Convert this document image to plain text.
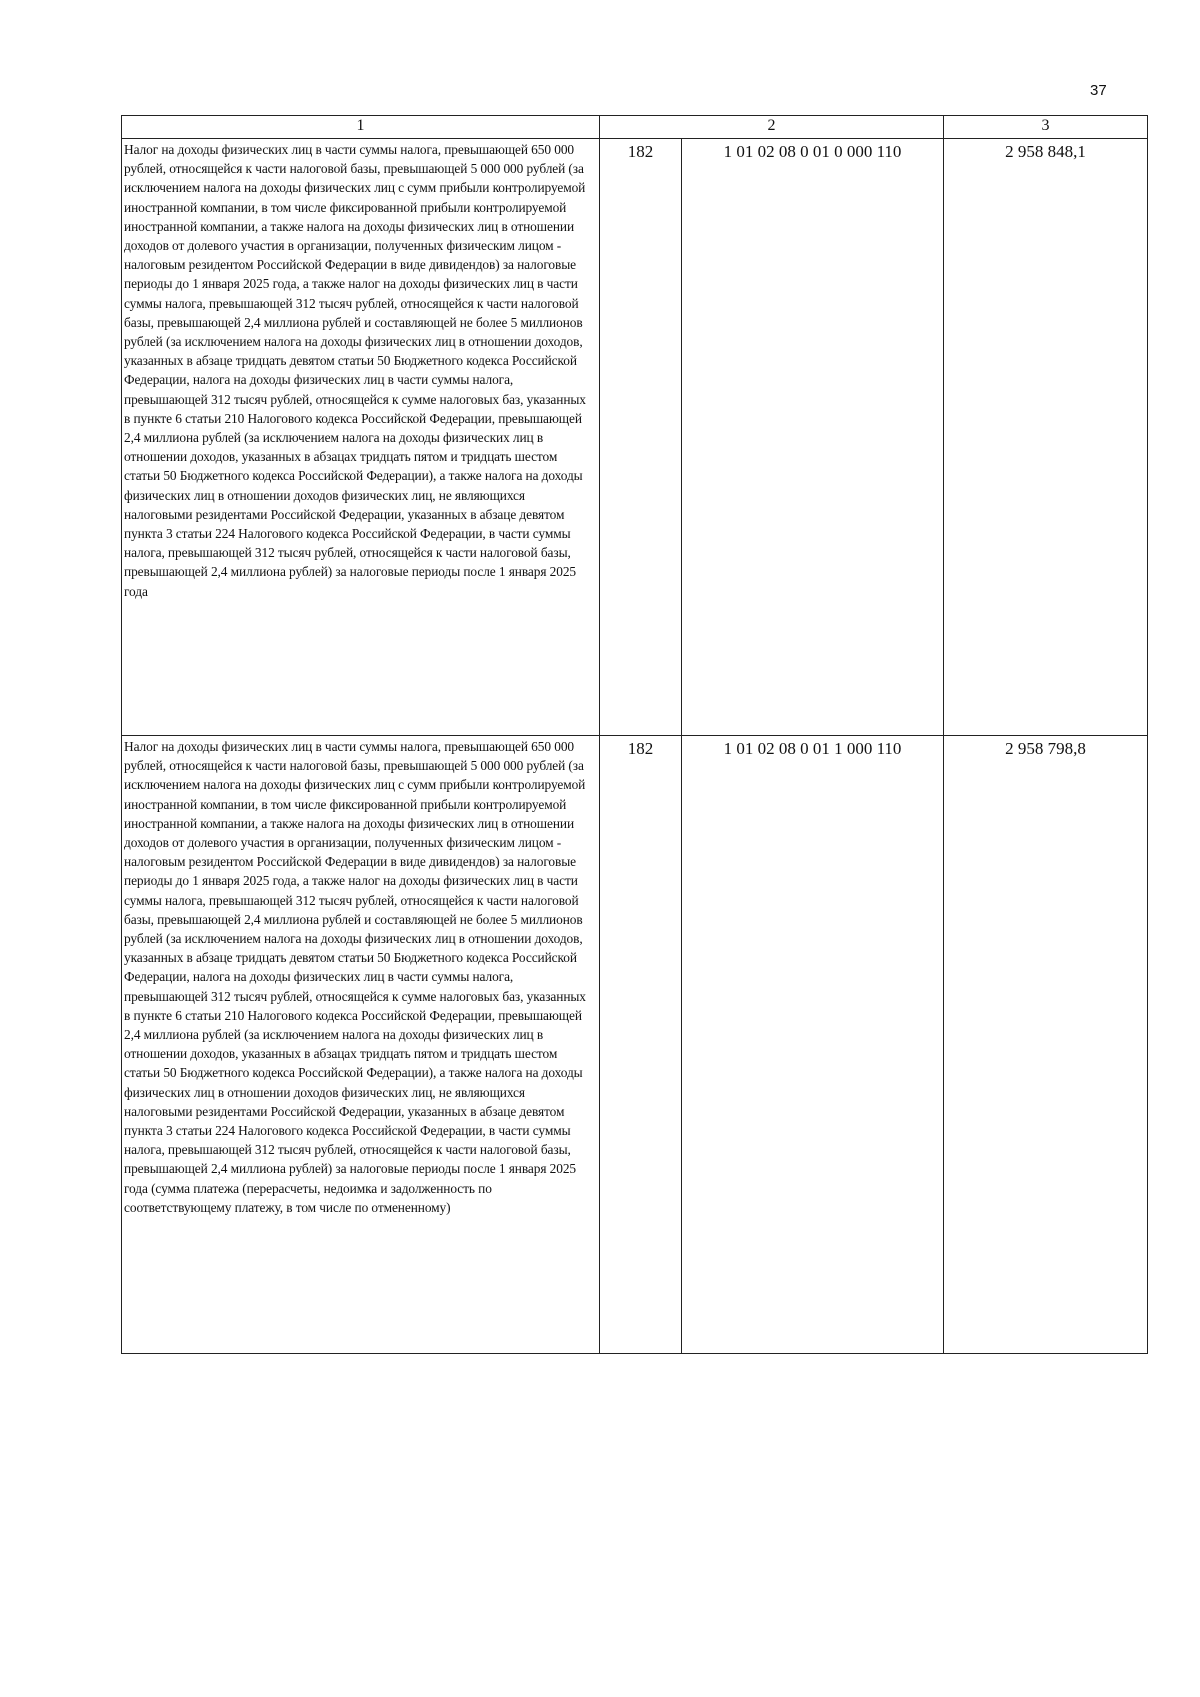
37
1	2		3
Налог на доходы физических лиц в части суммы налога, превышающей 650 000 рублей, относящейся к части налоговой базы, превышающей 5 000 000 рублей (за исключением налога на доходы физических лиц с сумм прибыли контролируемой иностранной компании, в том числе фиксированной прибыли контролируемой иностранной компании, а также налога на доходы физических лиц в отношении доходов от долевого участия в организации, полученных физическим лицом - налоговым резидентом Российской Федерации в виде дивидендов) за налоговые периоды до 1 января 2025 года, а также налог на доходы физических лиц в части суммы налога, превышающей 312 тысяч рублей, относящейся к части налоговой базы, превышающей 2,4 миллиона рублей и составляющей не более 5 миллионов рублей (за исключением налога на доходы физических лиц в отношении доходов, указанных в абзаце тридцать девятом статьи 50 Бюджетного кодекса Российской Федерации, налога на доходы физических лиц в части суммы налога, превышающей 312 тысяч рублей, относящейся к сумме налоговых баз, указанных в пункте 6 статьи 210 Налогового кодекса Российской Федерации, превышающей 2,4 миллиона рублей (за исключением налога на доходы физических лиц в отношении доходов, указанных в абзацах тридцать пятом и тридцать шестом статьи 50 Бюджетного кодекса Российской Федерации), а также налога на доходы физических лиц в отношении доходов физических лиц, не являющихся налоговыми резидентами Российской Федерации, указанных в абзаце девятом пункта 3 статьи 224 Налогового кодекса Российской Федерации, в части суммы налога, превышающей 312 тысяч рублей, относящейся к части налоговой базы, превышающей 2,4 миллиона рублей) за налоговые периоды после 1 января 2025 года	182	1 01 02 08 0 01 0 000 110	2 958 848,1
Налог на доходы физических лиц в части суммы налога, превышающей 650 000 рублей, относящейся к части налоговой базы, превышающей 5 000 000 рублей (за исключением налога на доходы физических лиц с сумм прибыли контролируемой иностранной компании, в том числе фиксированной прибыли контролируемой иностранной компании, а также налога на доходы физических лиц в отношении доходов от долевого участия в организации, полученных физическим лицом - налоговым резидентом Российской Федерации в виде дивидендов) за налоговые периоды до 1 января 2025 года, а также налог на доходы физических лиц в части суммы налога, превышающей 312 тысяч рублей, относящейся к части налоговой базы, превышающей 2,4 миллиона рублей и составляющей не более 5 миллионов рублей (за исключением налога на доходы физических лиц в отношении доходов, указанных в абзаце тридцать девятом статьи 50 Бюджетного кодекса Российской Федерации, налога на доходы физических лиц в части суммы налога, превышающей 312 тысяч рублей, относящейся к сумме налоговых баз, указанных в пункте 6 статьи 210 Налогового кодекса Российской Федерации, превышающей 2,4 миллиона рублей (за исключением налога на доходы физических лиц в отношении доходов, указанных в абзацах тридцать пятом и тридцать шестом статьи 50 Бюджетного кодекса Российской Федерации), а также налога на доходы физических лиц в отношении доходов физических лиц, не являющихся налоговыми резидентами Российской Федерации, указанных в абзаце девятом пункта 3 статьи 224 Налогового кодекса Российской Федерации, в части суммы налога, превышающей 312 тысяч рублей, относящейся к части налоговой базы, превышающей 2,4 миллиона рублей) за налоговые периоды после 1 января 2025 года (сумма платежа (перерасчеты, недоимка и задолженность по соответствующему платежу, в том числе по отмененному)	182	1 01 02 08 0 01 1 000 110	2 958 798,8
